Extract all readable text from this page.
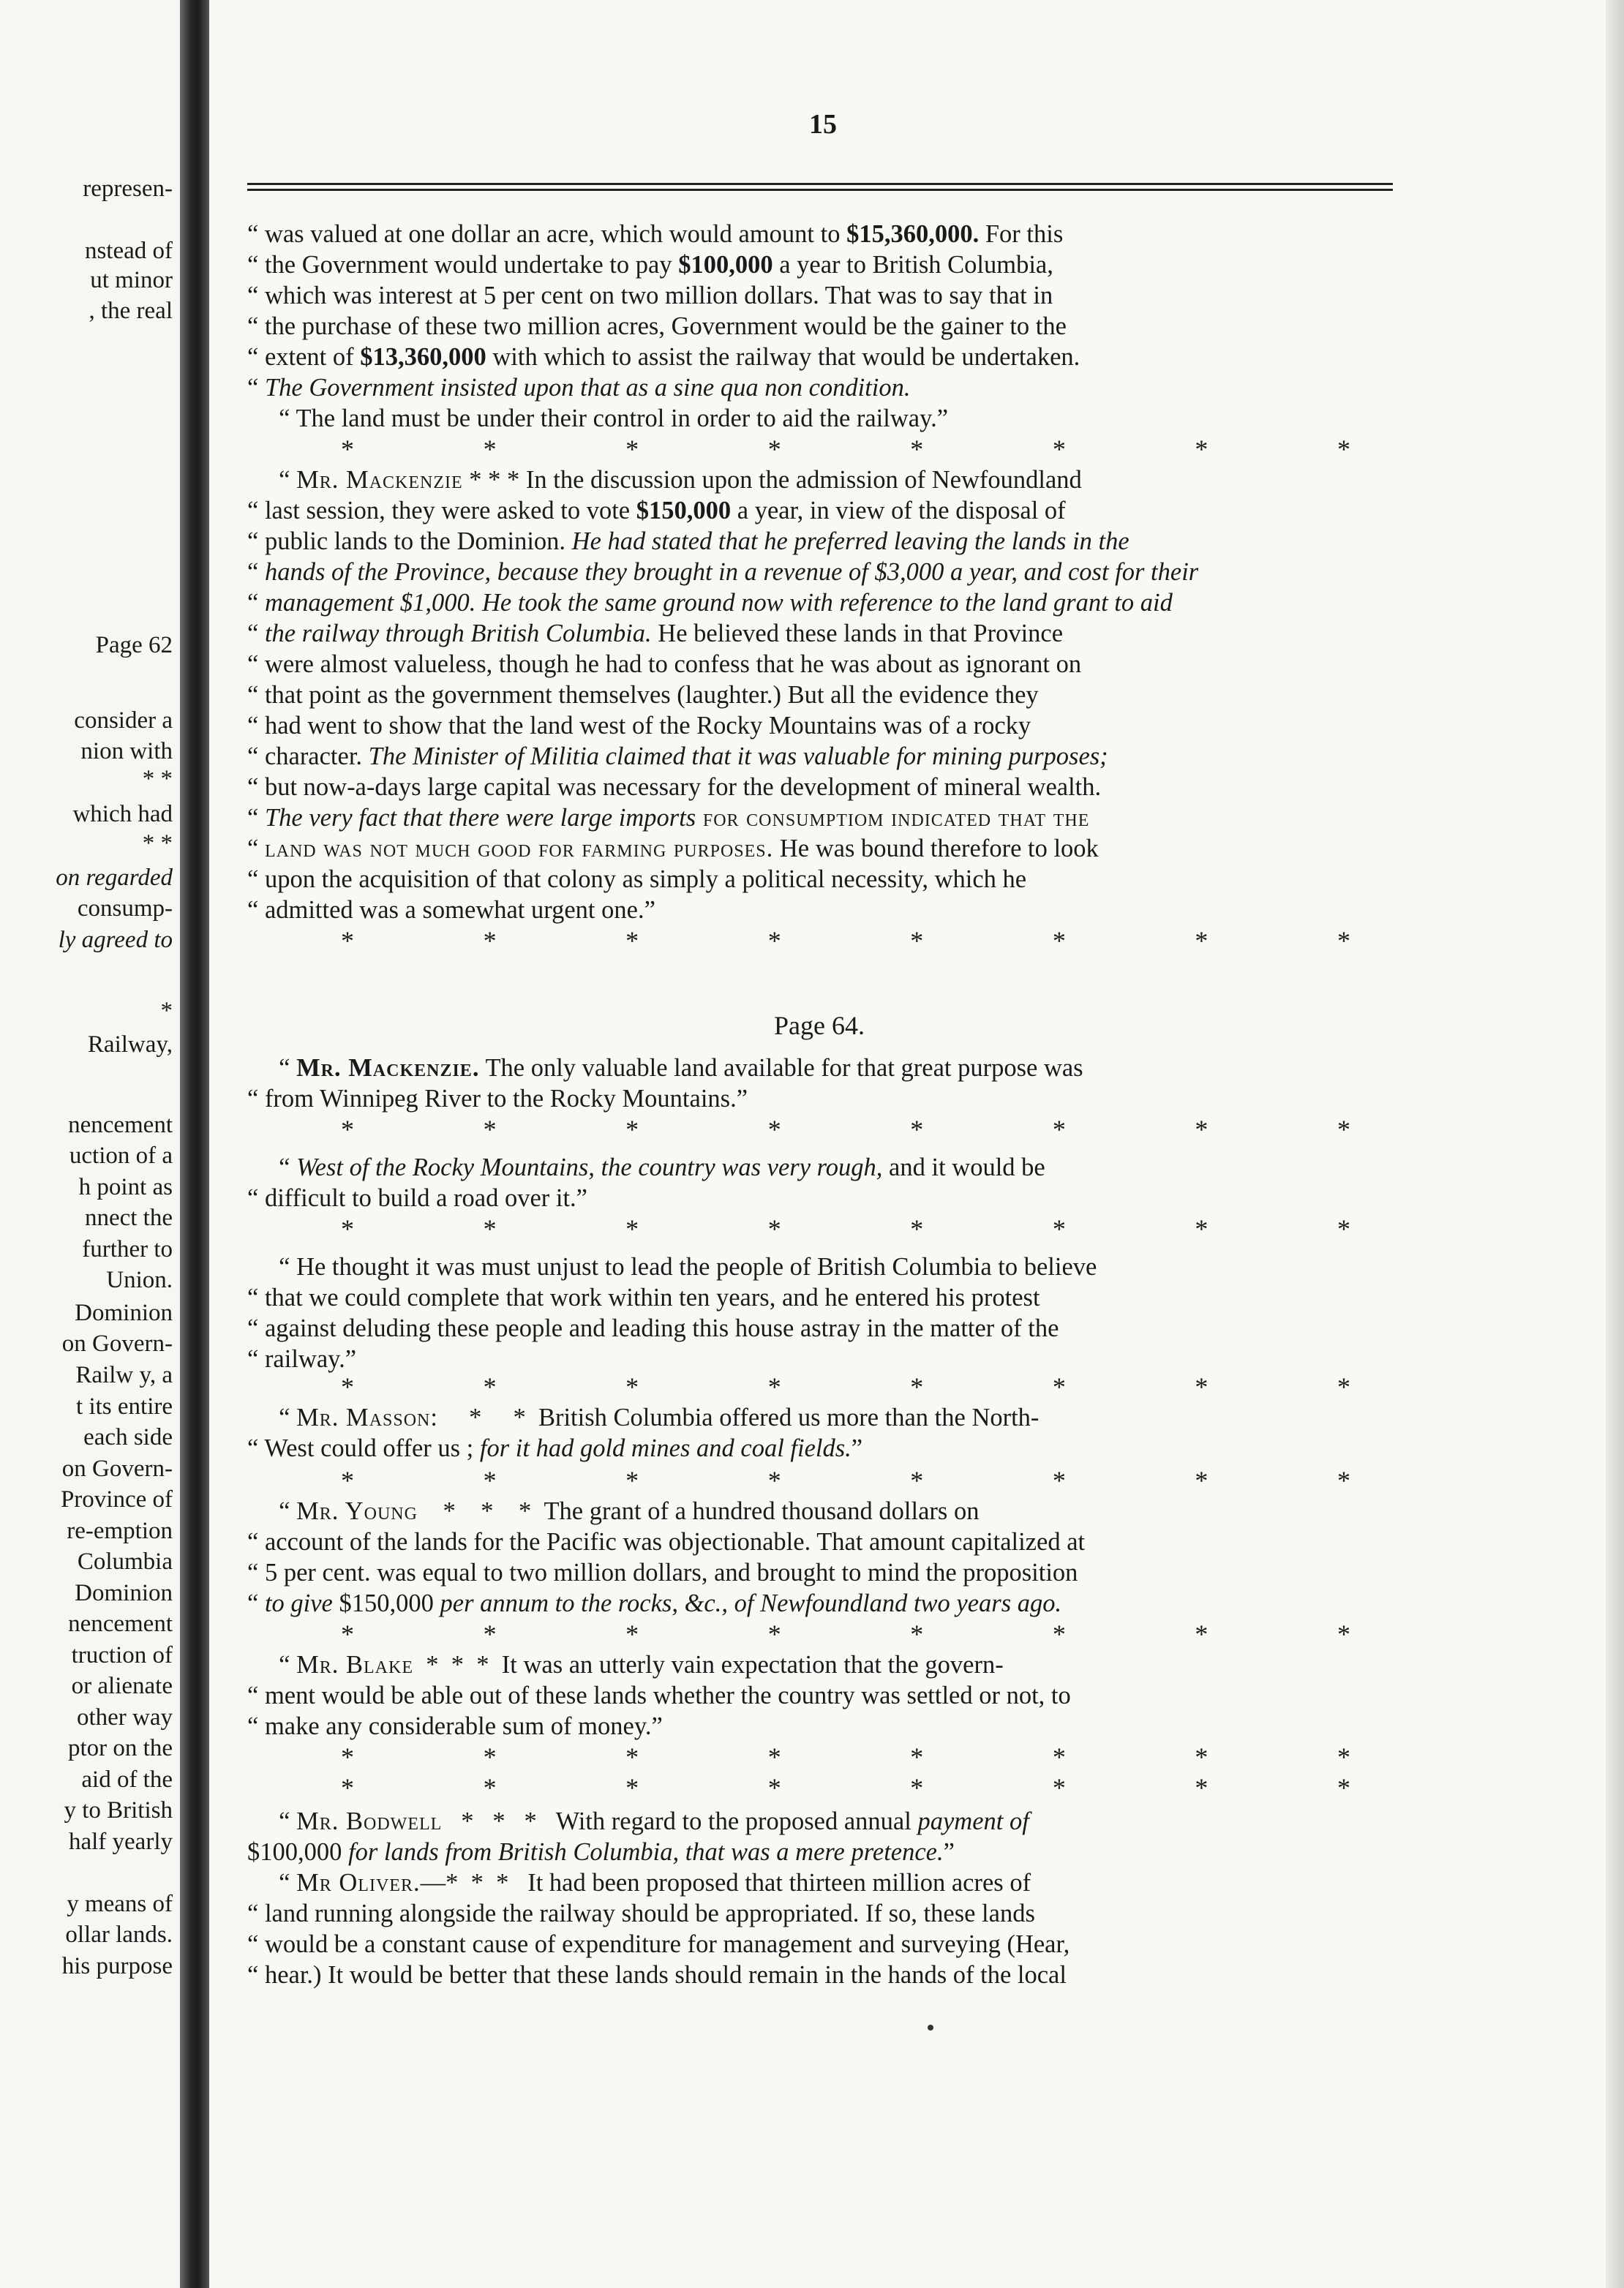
represen-
nstead of
ut minor
, the real
Page 62
consider a
nion with
* *
which had
* *
on regarded
consump-
ly agreed to
*
Railway,
nencement
uction of a
h point as
nnect the
further to
Union.
Dominion
on Govern-
Railw y, a
t its entire
each side
on Govern-
Province of
re-emption
Columbia
Dominion
nencement
truction of
or alienate
other way
ptor on the
aid of the
y to British
half yearly
y means of
ollar lands.
his purpose
15
“ was valued at one dollar an acre, which would amount to $15,360,000. For this
“ the Government would undertake to pay $100,000 a year to British Columbia,
“ which was interest at 5 per cent on two million dollars. That was to say that in
“ the purchase of these two million acres, Government would be the gainer to the
“ extent of $13,360,000 with which to assist the railway that would be undertaken.
“ The Government insisted upon that as a sine qua non condition.
“ The land must be under their control in order to aid the railway.”
“ Mr. Mackenzie * * * In the discussion upon the admission of Newfoundland
“ last session, they were asked to vote $150,000 a year, in view of the disposal of
“ public lands to the Dominion. He had stated that he preferred leaving the lands in the
“ hands of the Province, because they brought in a revenue of $3,000 a year, and cost for their
“ management $1,000. He took the same ground now with reference to the land grant to aid
“ the railway through British Columbia. He believed these lands in that Province
“ were almost valueless, though he had to confess that he was about as ignorant on
“ that point as the government themselves (laughter.) But all the evidence they
“ had went to show that the land west of the Rocky Mountains was of a rocky
“ character. The Minister of Militia claimed that it was valuable for mining purposes;
“ but now-a-days large capital was necessary for the development of mineral wealth.
“ The very fact that there were large imports for consumptiom indicated that the
“ land was not much good for farming purposes. He was bound therefore to look
“ upon the acquisition of that colony as simply a political necessity, which he
“ admitted was a somewhat urgent one.”
“ Mr. Mackenzie. The only valuable land available for that great purpose was
“ from Winnipeg River to the Rocky Mountains.”
“ West of the Rocky Mountains, the country was very rough, and it would be
“ difficult to build a road over it.”
“ He thought it was must unjust to lead the people of British Columbia to believe
“ that we could complete that work within ten years, and he entered his protest
“ against deluding these people and leading this house astray in the matter of the
“ railway.”
“ Mr. Masson:     *     *  British Columbia offered us more than the North-
“ West could offer us ; for it had gold mines and coal fields.”
“ Mr. Young    *    *    *  The grant of a hundred thousand dollars on
“ account of the lands for the Pacific was objectionable. That amount capitalized at
“ 5 per cent. was equal to two million dollars, and brought to mind the proposition
“ to give $150,000 per annum to the rocks, &c., of Newfoundland two years ago.
“ Mr. Blake  *  *  *  It was an utterly vain expectation that the govern-
“ ment would be able out of these lands whether the country was settled or not, to
“ make any considerable sum of money.”
“ Mr. Bodwell   *   *   *   With regard to the proposed annual payment of
$100,000 for lands from British Columbia, that was a mere pretence.”
“ Mr Oliver.—*  *  *   It had been proposed that thirteen million acres of
“ land running alongside the railway should be appropriated. If so, these lands
“ would be a constant cause of expenditure for management and surveying (Hear,
“ hear.) It would be better that these lands should remain in the hands of the local
*	*	*	*	*	*	*	*
*	*	*	*	*	*	*	*
*	*	*	*	*	*	*	*
*	*	*	*	*	*	*	*
*	*	*	*	*	*	*	*
*	*	*	*	*	*	*	*
*	*	*	*	*	*	*	*
*	*	*	*	*	*	*	*
*	*	*	*	*	*	*	*
Page 64.
